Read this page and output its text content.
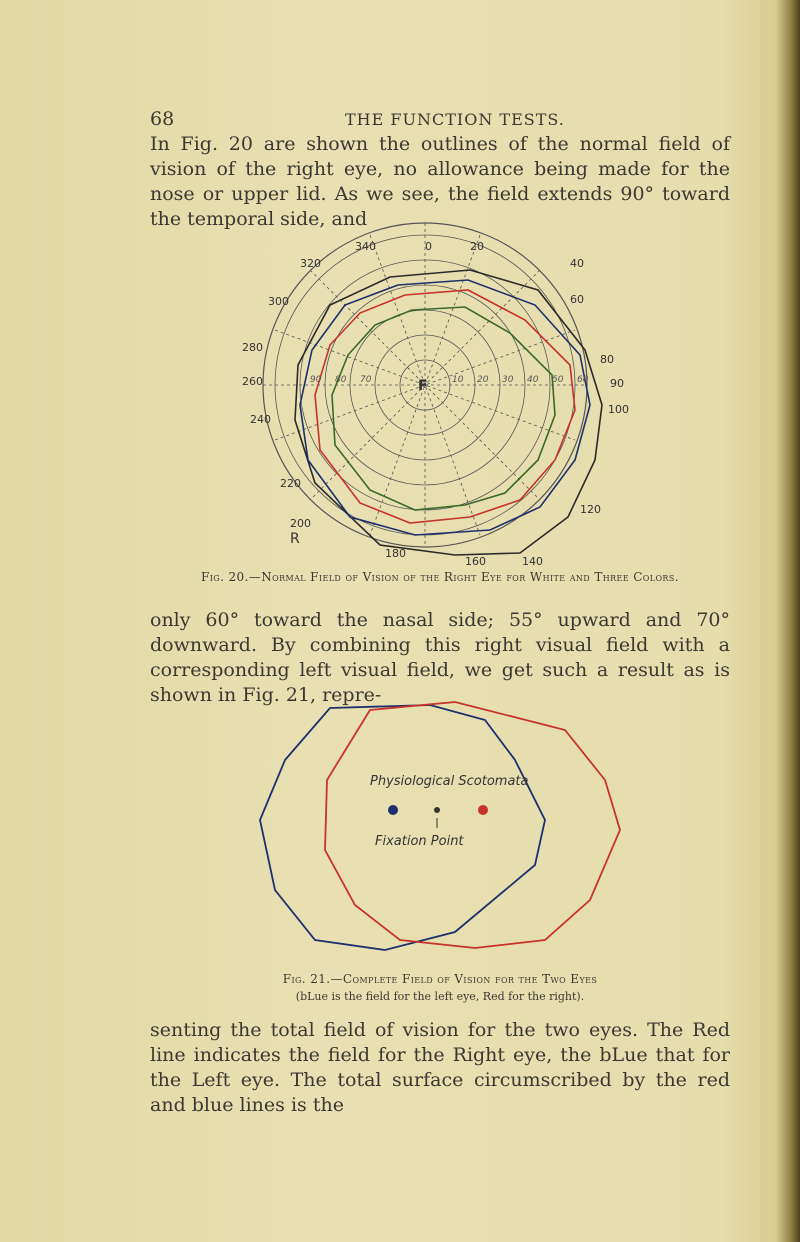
68	THE FUNCTION TESTS.

In Fig. 20 are shown the outlines of the normal field of vision of the right eye, no allowance being made for the nose or upper lid. As we see, the field extends 90° toward the temporal side, and

340	0	20
40
60
80
90
100
120
140
160
180
200
220
240
260
280
300
320
F
R
10 20 30 40 50 60
70
80
90
Fig. 20.—Normal Field of Vision of the Right Eye for White and Three Colors.

only 60° toward the nasal side; 55° upward and 70° downward. By combining this right visual field with a corresponding left visual field, we get such a result as is shown in Fig. 21, repre-

Physiological Scotomata
Fixation Point
Fig. 21.—Complete Field of Vision for the Two Eyes
(bLue is the field for the left eye, Red for the right).

senting the total field of vision for the two eyes. The Red line indicates the field for the Right eye, the bLue that for the Left eye. The total surface circumscribed by the red and blue lines is the
